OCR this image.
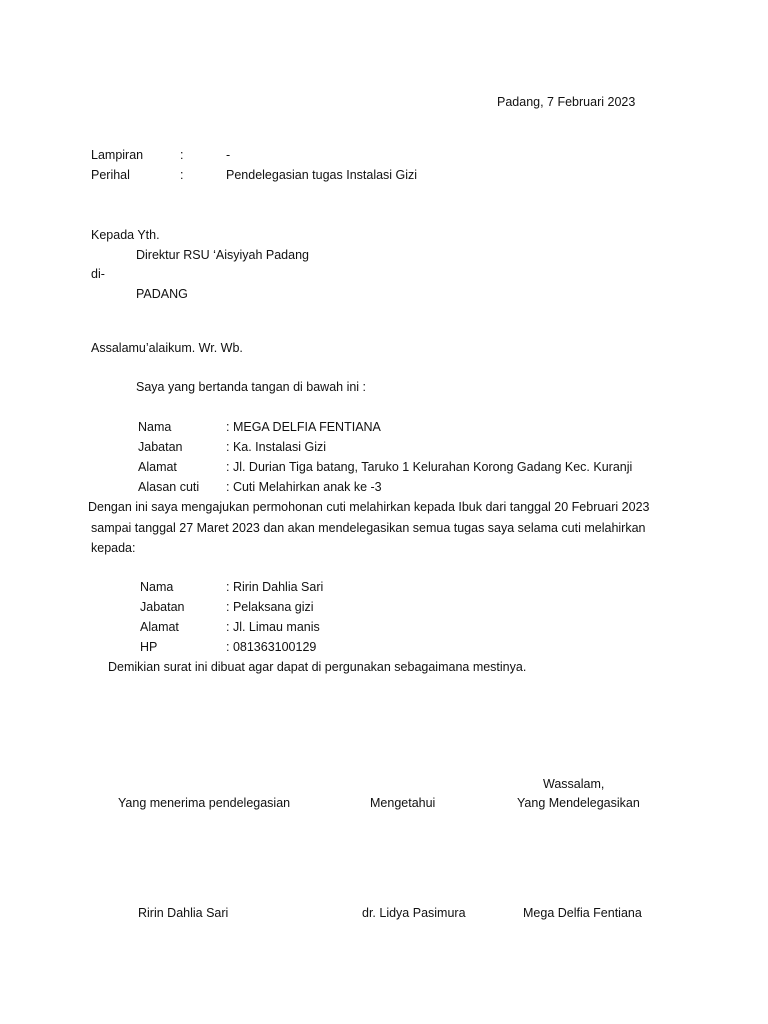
Padang, 7 Februari 2023
Lampiran	:	-
Perihal	:	Pendelegasian tugas Instalasi Gizi
Kepada Yth.
Direktur RSU ‘Aisyiyah Padang
di-
PADANG
Assalamu’alaikum. Wr. Wb.
Saya yang bertanda tangan di bawah ini :
Nama	: MEGA DELFIA FENTIANA
Jabatan	: Ka. Instalasi Gizi
Alamat	: Jl. Durian Tiga batang, Taruko 1 Kelurahan Korong Gadang Kec. Kuranji
Alasan cuti : Cuti Melahirkan anak ke -3
Dengan ini saya mengajukan permohonan cuti melahirkan kepada Ibuk dari tanggal 20 Februari 2023
sampai tanggal 27 Maret 2023 dan akan mendelegasikan semua tugas saya selama cuti melahirkan
kepada:
Nama	: Ririn Dahlia Sari
Jabatan	: Pelaksana gizi
Alamat	: Jl. Limau manis
HP	: 081363100129
Demikian surat ini dibuat agar dapat di pergunakan sebagaimana mestinya.
Wassalam,
Yang menerima pendelegasian	Mengetahui	Yang Mendelegasikan
Ririn Dahlia Sari	dr. Lidya Pasimura	Mega Delfia Fentiana
